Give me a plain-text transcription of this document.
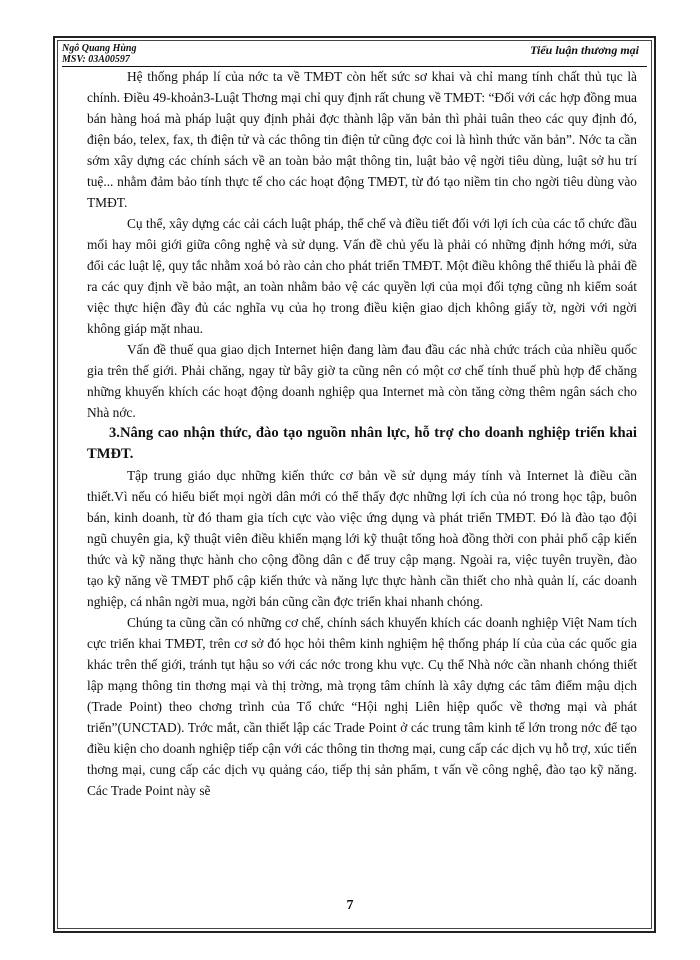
Ngô Quang Hùng
MSV: 03A00597
Tiểu luận thương mại

Hệ thống pháp lí của nớc ta về TMĐT còn hết sức sơ khai và chỉ mang tính chất thủ tục là chính. Điều 49-khoản3-Luật Thơng mại chỉ quy định rất chung về TMĐT: “Đối với các hợp đồng mua bán hàng hoá mà pháp luật quy định phải đợc thành lập văn bản thì phải tuân theo các quy định đó, điện báo, telex, fax, th điện tử và các thông tin điện tử cũng đợc coi là hình thức văn bản”. Nớc ta cần sớm xây dựng các chính sách về an toàn bảo mật thông tin, luật bảo vệ ngời tiêu dùng, luật sở hu trí tuệ... nhằm đảm bảo tính thực tế cho các hoạt động TMĐT, từ đó tạo niềm tin cho ngời tiêu dùng vào TMĐT.

Cụ thể, xây dựng các cải cách luật pháp, thể chế và điều tiết đối với lợi ích của các tổ chức đầu mối hay môi giới giữa công nghệ và sử dụng. Vấn đề chủ yếu là phải có những định hớng mới, sửa đổi các luật lệ, quy tắc nhằm xoá bỏ rào cản cho phát triển TMĐT. Một điều không thể thiếu là phải đề ra các quy định về bảo mật, an toàn nhằm bảo vệ các quyền lợi của mọi đối tợng cũng nh kiểm soát việc thực hiện đầy đủ các nghĩa vụ của họ trong điều kiện giao dịch không giấy tờ, ngời với ngời không giáp mặt nhau.

Vấn đề thuế qua giao dịch Internet hiện đang làm đau đầu các nhà chức trách của nhiều quốc gia trên thế giới. Phải chăng, ngay từ bây giờ ta cũng nên có một cơ chế tính thuế phù hợp để chăng những khuyến khích các hoạt động doanh nghiệp qua Internet mà còn tăng cờng thêm ngân sách cho Nhà nớc.

3.Nâng cao nhận thức, đào tạo nguồn nhân lực, hỗ trợ cho doanh nghiệp triển khai TMĐT.

Tập trung giáo dục những kiến thức cơ bản về sử dụng máy tính và Internet là điều cần thiết.Vì nếu có hiểu biết mọi ngời dân mới có thể thấy đợc những lợi ích của nó trong học tập, buôn bán, kinh doanh, từ đó tham gia tích cực vào việc ứng dụng và phát triển TMĐT. Đó là đào tạo đội ngũ chuyên gia, kỹ thuật viên điều khiển mạng lới kỹ thuật tổng hoà đồng thời con phải phổ cập kiến thức và kỹ năng thực hành cho cộng đồng dân c để truy cập mạng. Ngoài ra, việc tuyên truyền, đào tạo kỹ năng về TMĐT phổ cập kiến thức và năng lực thực hành cần thiết cho nhà quản lí, các doanh nghiệp, cá nhân ngời mua, ngời bán cũng cần đợc triển khai nhanh chóng.

Chúng ta cũng cần có những cơ chế, chính sách khuyến khích các doanh nghiệp Việt Nam tích cực triển khai TMĐT, trên cơ sở đó học hỏi thêm kinh nghiệm hệ thống pháp lí của của các quốc gia khác trên thế giới, tránh tụt hậu so với các nớc trong khu vực. Cụ thể Nhà nớc cần nhanh chóng thiết lập mạng thông tin thơng mại và thị trờng, mà trọng tâm chính là xây dựng các tâm điểm mậu dịch (Trade Point) theo chơng trình của Tổ chức “Hội nghị Liên hiệp quốc về thơng mại và phát triển”(UNCTAD). Trớc mắt, cần thiết lập các Trade Point ở các trung tâm kinh tế lớn trong nớc để tạo điều kiện cho doanh nghiệp tiếp cận với các thông tin thơng mại, cung cấp các dịch vụ hỗ trợ, xúc tiến thơng mại, cung cấp các dịch vụ quảng cáo, tiếp thị sản phẩm, t vấn về công nghệ, đào tạo kỹ năng. Các Trade Point này sẽ

7
